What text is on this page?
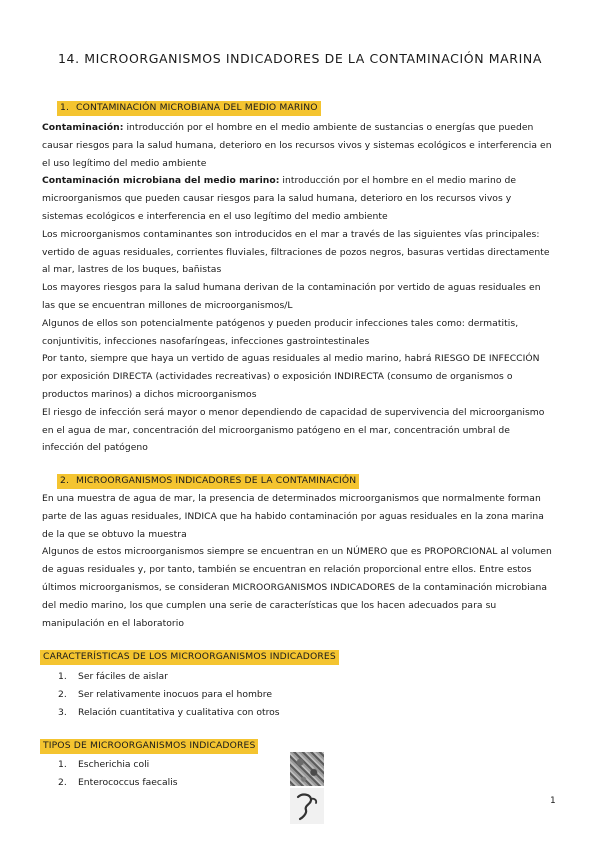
14. MICROORGANISMOS INDICADORES DE LA CONTAMINACIÓN MARINA
1. CONTAMINACIÓN MICROBIANA DEL MEDIO MARINO

Contaminación: introducción por el hombre en el medio ambiente de sustancias o energías que pueden causar riesgos para la salud humana, deterioro en los recursos vivos y sistemas ecológicos e interferencia en el uso legítimo del medio ambiente

Contaminación microbiana del medio marino: introducción por el hombre en el medio marino de microorganismos que pueden causar riesgos para la salud humana, deterioro en los recursos vivos y sistemas ecológicos e interferencia en el uso legítimo del medio ambiente

Los microorganismos contaminantes son introducidos en el mar a través de las siguientes vías principales: vertido de aguas residuales, corrientes fluviales, filtraciones de pozos negros, basuras vertidas directamente al mar, lastres de los buques, bañistas

Los mayores riesgos para la salud humana derivan de la contaminación por vertido de aguas residuales en las que se encuentran millones de microorganismos/L

Algunos de ellos son potencialmente patógenos y pueden producir infecciones tales como: dermatitis, conjuntivitis, infecciones nasofaríngeas, infecciones gastrointestinales

Por tanto, siempre que haya un vertido de aguas residuales al medio marino, habrá RIESGO DE INFECCIÓN por exposición DIRECTA (actividades recreativas) o exposición INDIRECTA (consumo de organismos o productos marinos) a dichos microorganismos

El riesgo de infección será mayor o menor dependiendo de capacidad de supervivencia del microorganismo en el agua de mar, concentración del microorganismo patógeno en el mar, concentración umbral de infección del patógeno

2. MICROORGANISMOS INDICADORES DE LA CONTAMINACIÓN

En una muestra de agua de mar, la presencia de determinados microorganismos que normalmente forman parte de las aguas residuales, INDICA que ha habido contaminación por aguas residuales en la zona marina de la que se obtuvo la muestra

Algunos de estos microorganismos siempre se encuentran en un NÚMERO que es PROPORCIONAL al volumen de aguas residuales y, por tanto, también se encuentran en relación proporcional entre ellos. Entre estos últimos microorganismos, se consideran MICROORGANISMOS INDICADORES de la contaminación microbiana del medio marino, los que cumplen una serie de características que los hacen adecuados para su manipulación en el laboratorio

CARACTERÍSTICAS DE LOS MICROORGANISMOS INDICADORES
1. Ser fáciles de aislar
2. Ser relativamente inocuos para el hombre
3. Relación cuantitativa y cualitativa con otros
TIPOS DE MICROORGANISMOS INDICADORES
1. Escherichia coli
2. Enterococcus faecalis
1
